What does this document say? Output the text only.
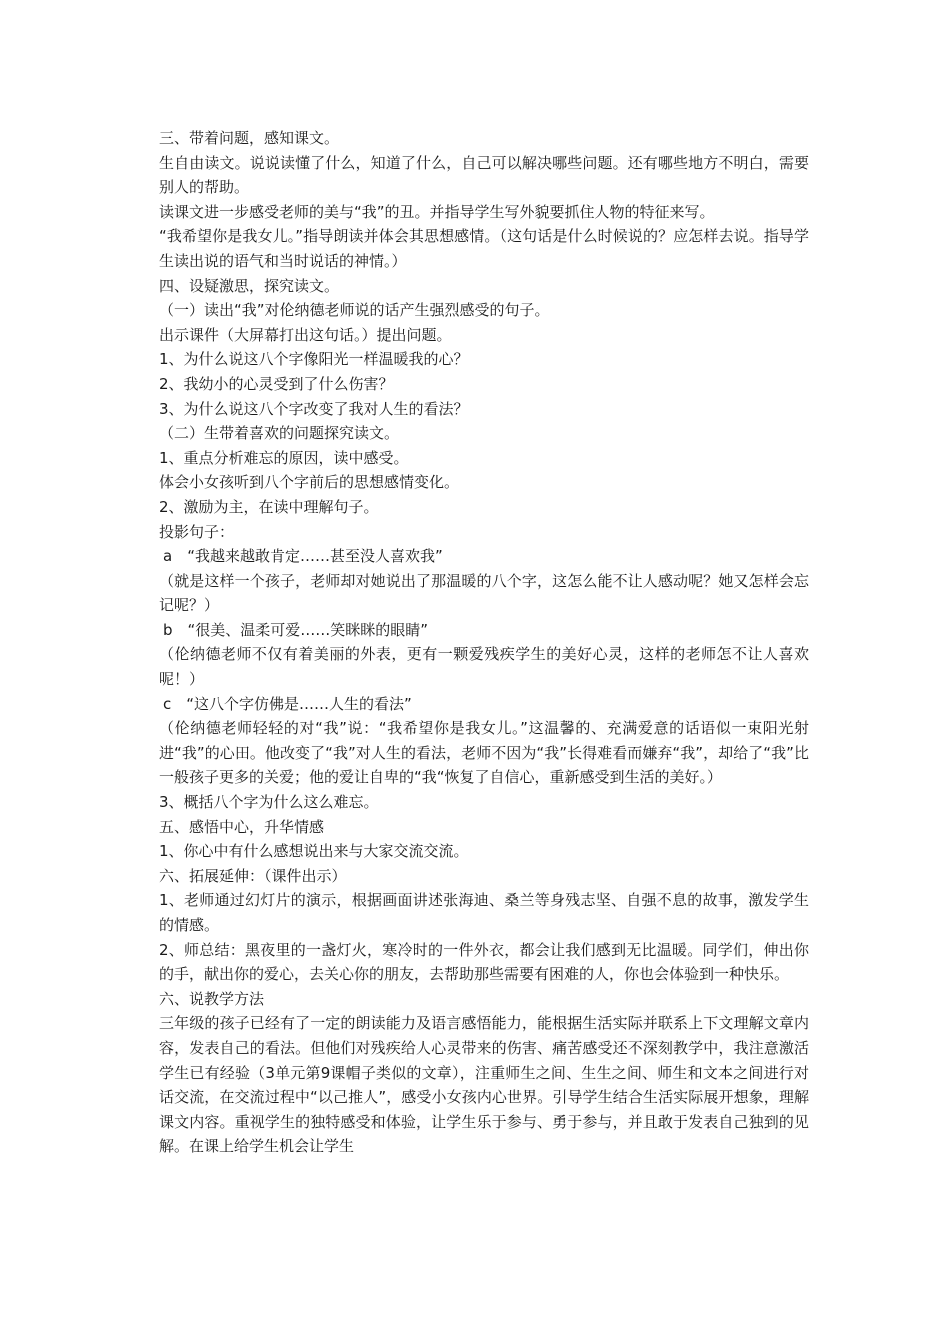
三、带着问题，感知课文。

生自由读文。说说读懂了什么，知道了什么，自己可以解决哪些问题。还有哪些地方不明白，需要别人的帮助。

读课文进一步感受老师的美与“我”的丑。并指导学生写外貌要抓住人物的特征来写。

“我希望你是我女儿。”指导朗读并体会其思想感情。（这句话是什么时候说的？应怎样去说。指导学生读出说的语气和当时说话的神情。）

四、设疑激思，探究读文。

（一）读出“我”对伦纳德老师说的话产生强烈感受的句子。

出示课件（大屏幕打出这句话。）提出问题。

1、为什么说这八个字像阳光一样温暖我的心？

2、我幼小的心灵受到了什么伤害？

3、为什么说这八个字改变了我对人生的看法？

（二）生带着喜欢的问题探究读文。

1、重点分析难忘的原因，读中感受。

体会小女孩听到八个字前后的思想感情变化。

2、激励为主，在读中理解句子。

投影句子：

a　“我越来越敢肯定……甚至没人喜欢我”

（就是这样一个孩子，老师却对她说出了那温暖的八个字，这怎么能不让人感动呢？她又怎样会忘记呢？）

b　“很美、温柔可爱……笑眯眯的眼睛”

（伦纳德老师不仅有着美丽的外表，更有一颗爱残疾学生的美好心灵，这样的老师怎不让人喜欢呢！）

c　“这八个字仿佛是……人生的看法”

（伦纳德老师轻轻的对“我”说：“我希望你是我女儿。”这温馨的、充满爱意的话语似一束阳光射进“我”的心田。他改变了“我”对人生的看法，老师不因为“我”长得难看而嫌弃“我”，却给了“我”比一般孩子更多的关爱；他的爱让自卑的“我“恢复了自信心，重新感受到生活的美好。）

3、概括八个字为什么这么难忘。

五、感悟中心，升华情感

1、你心中有什么感想说出来与大家交流交流。

六、拓展延伸：（课件出示）

1、老师通过幻灯片的演示，根据画面讲述张海迪、桑兰等身残志坚、自强不息的故事，激发学生的情感。

2、师总结：黑夜里的一盏灯火，寒冷时的一件外衣，都会让我们感到无比温暖。同学们，伸出你的手，献出你的爱心，去关心你的朋友，去帮助那些需要有困难的人，你也会体验到一种快乐。

六、说教学方法

三年级的孩子已经有了一定的朗读能力及语言感悟能力，能根据生活实际并联系上下文理解文章内容，发表自己的看法。但他们对残疾给人心灵带来的伤害、痛苦感受还不深刻教学中，我注意激活学生已有经验（3单元第9课帽子类似的文章），注重师生之间、生生之间、师生和文本之间进行对话交流，在交流过程中“以己推人”，感受小女孩内心世界。引导学生结合生活实际展开想象，理解课文内容。重视学生的独特感受和体验，让学生乐于参与、勇于参与，并且敢于发表自己独到的见解。在课上给学生机会让学生
